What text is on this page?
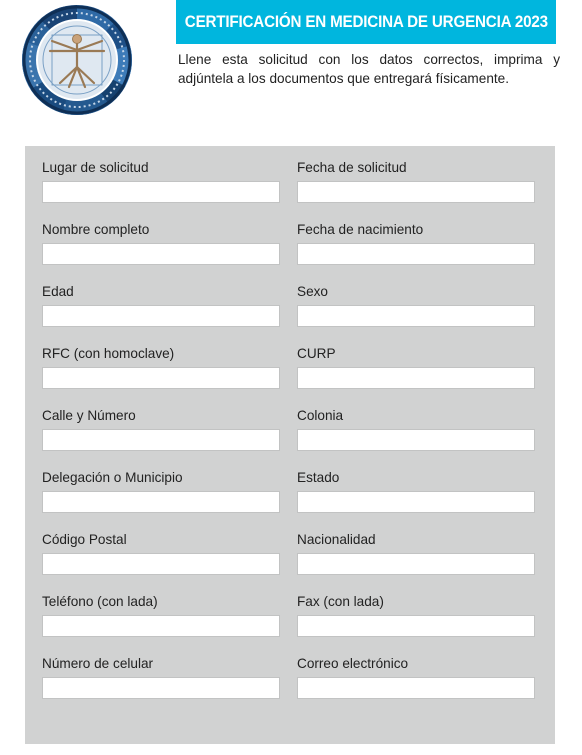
CERTIFICACIÓN EN MEDICINA DE URGENCIA 2023
Llene esta solicitud con los datos correctos, imprima y adjúntela a los documentos que entregará físicamente.
Lugar de solicitud	Fecha de solicitud
Nombre completo	Fecha de nacimiento
Edad	Sexo
RFC (con homoclave)	CURP
Calle y Número	Colonia
Delegación o Municipio	Estado
Código Postal	Nacionalidad
Teléfono (con lada)	Fax (con lada)
Número de celular	Correo electrónico
